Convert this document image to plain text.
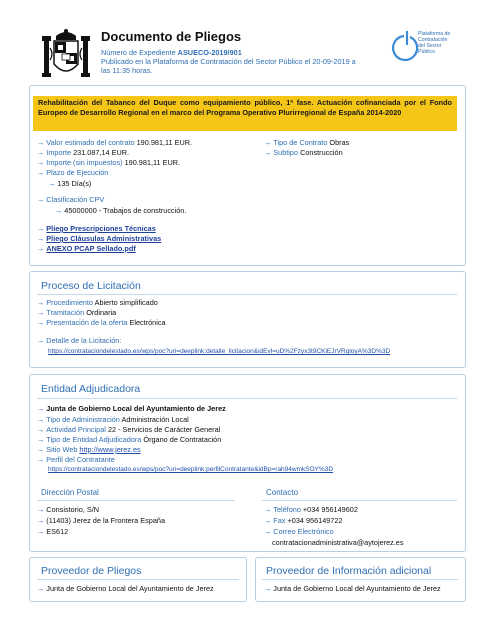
Documento de Pliegos
Número de Expediente ASUECO-2019/901
Publicado en la Plataforma de Contratación del Sector Público el 20-09-2019 a
las 11:35 horas.
Plataforma de
Contratación
del Sector
Público
Rehabilitación del Tabanco del Duque como equipamiento público, 1ª fase. Actuación cofinanciada por el Fondo Europeo de Desarrollo Regional en el marco del Programa Operativo Plurirregional de España 2014-2020
→ Valor estimado del contrato 190.981,11 EUR.
→ Importe 231.087,14 EUR.
→ Importe (sin impuestos) 190.981,11 EUR.
→ Plazo de Ejecución
→ 135 Día(s)
→ Clasificación CPV
→ 45000000 - Trabajos de construcción.
→ Tipo de Contrato Obras
→ Subtipo Construcción
→ Pliego Prescripciones Técnicas
→ Pliego Cláusulas Administrativas
→ ANEXO PCAP Sellado.pdf
Proceso de Licitación
→ Procedimiento Abierto simplificado
→ Tramitación Ordinaria
→ Presentación de la oferta Electrónica
→ Detalle de la Licitación:
https://contrataciondelestado.es/wps/poc?uri=deeplink:detalle_licitacion&idEvl=uD%2Fzyx3t9CKiEJrVRqloyA%3D%3D
Entidad Adjudicadora
→ Junta de Gobierno Local del Ayuntamiento de Jerez
→ Tipo de Administración Administración Local
→ Actividad Principal 22 - Servicios de Carácter General
→ Tipo de Entidad Adjudicadora Órgano de Contratación
→ Sitio Web http://www.jerez.es
→ Perfil del Contratante
https://contrataciondelestado.es/wps/poc?uri=deeplink:perfilContratante&idBp=rah94wmkSOY%3D
Dirección Postal
→ Consistorio, S/N
→ (11403) Jerez de la Frontera España
→ ES612
Contacto
→ Teléfono +034 956149602
→ Fax +034 956149722
→ Correo Electrónico
contratacionadministrativa@aytojerez.es
Proveedor de Pliegos
→ Junta de Gobierno Local del Ayuntamiento de Jerez
Proveedor de Información adicional
→ Junta de Gobierno Local del Ayuntamiento de Jerez
